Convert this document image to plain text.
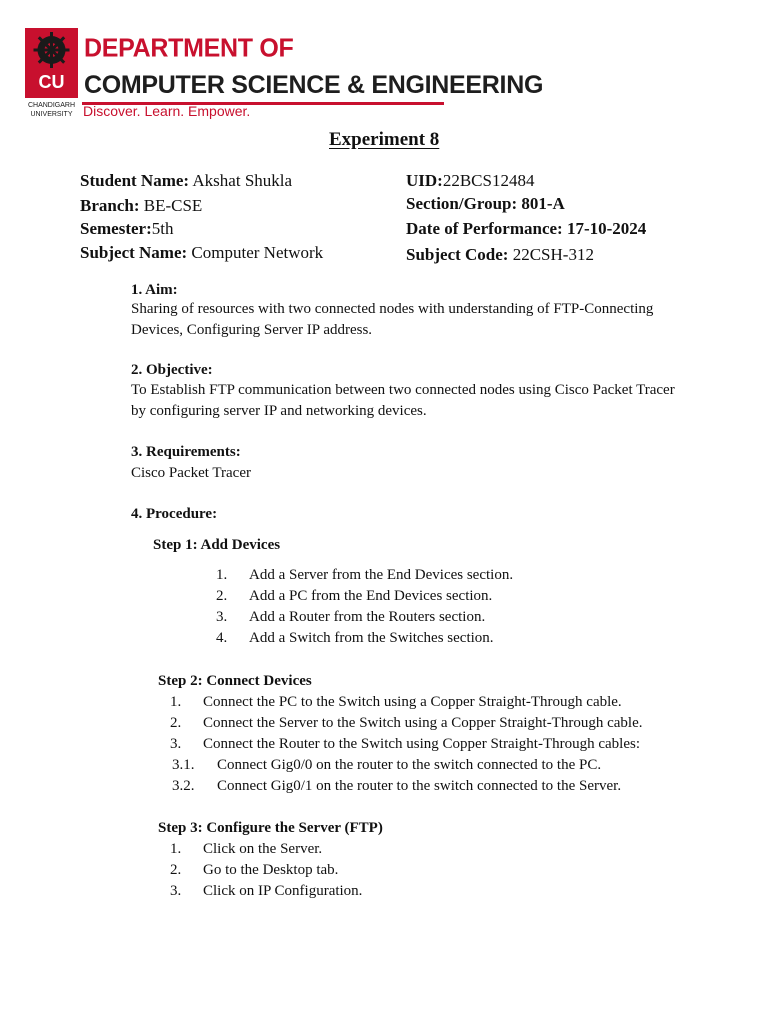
CU
CHANDIGARH
UNIVERSITY
DEPARTMENT OF
COMPUTER SCIENCE & ENGINEERING
Discover. Learn. Empower.
Experiment 8
Student Name: Akshat Shukla	UID:22BCS12484
Branch: BE-CSE	Section/Group: 801-A
Semester:5th	Date of Performance: 17-10-2024
Subject Name: Computer Network	Subject Code: 22CSH-312
1. Aim:
Sharing of resources with two connected nodes with understanding of FTP-Connecting
Devices, Configuring Server IP address.
2. Objective:
To Establish FTP communication between two connected nodes using Cisco Packet Tracer
by configuring server IP and networking devices.
3. Requirements:
Cisco Packet Tracer
4. Procedure:
Step 1: Add Devices
1. Add a Server from the End Devices section.
2. Add a PC from the End Devices section.
3. Add a Router from the Routers section.
4. Add a Switch from the Switches section.
Step 2: Connect Devices
1. Connect the PC to the Switch using a Copper Straight-Through cable.
2. Connect the Server to the Switch using a Copper Straight-Through cable.
3. Connect the Router to the Switch using Copper Straight-Through cables:
3.1. Connect Gig0/0 on the router to the switch connected to the PC.
3.2. Connect Gig0/1 on the router to the switch connected to the Server.
Step 3: Configure the Server (FTP)
1. Click on the Server.
2. Go to the Desktop tab.
3. Click on IP Configuration.
